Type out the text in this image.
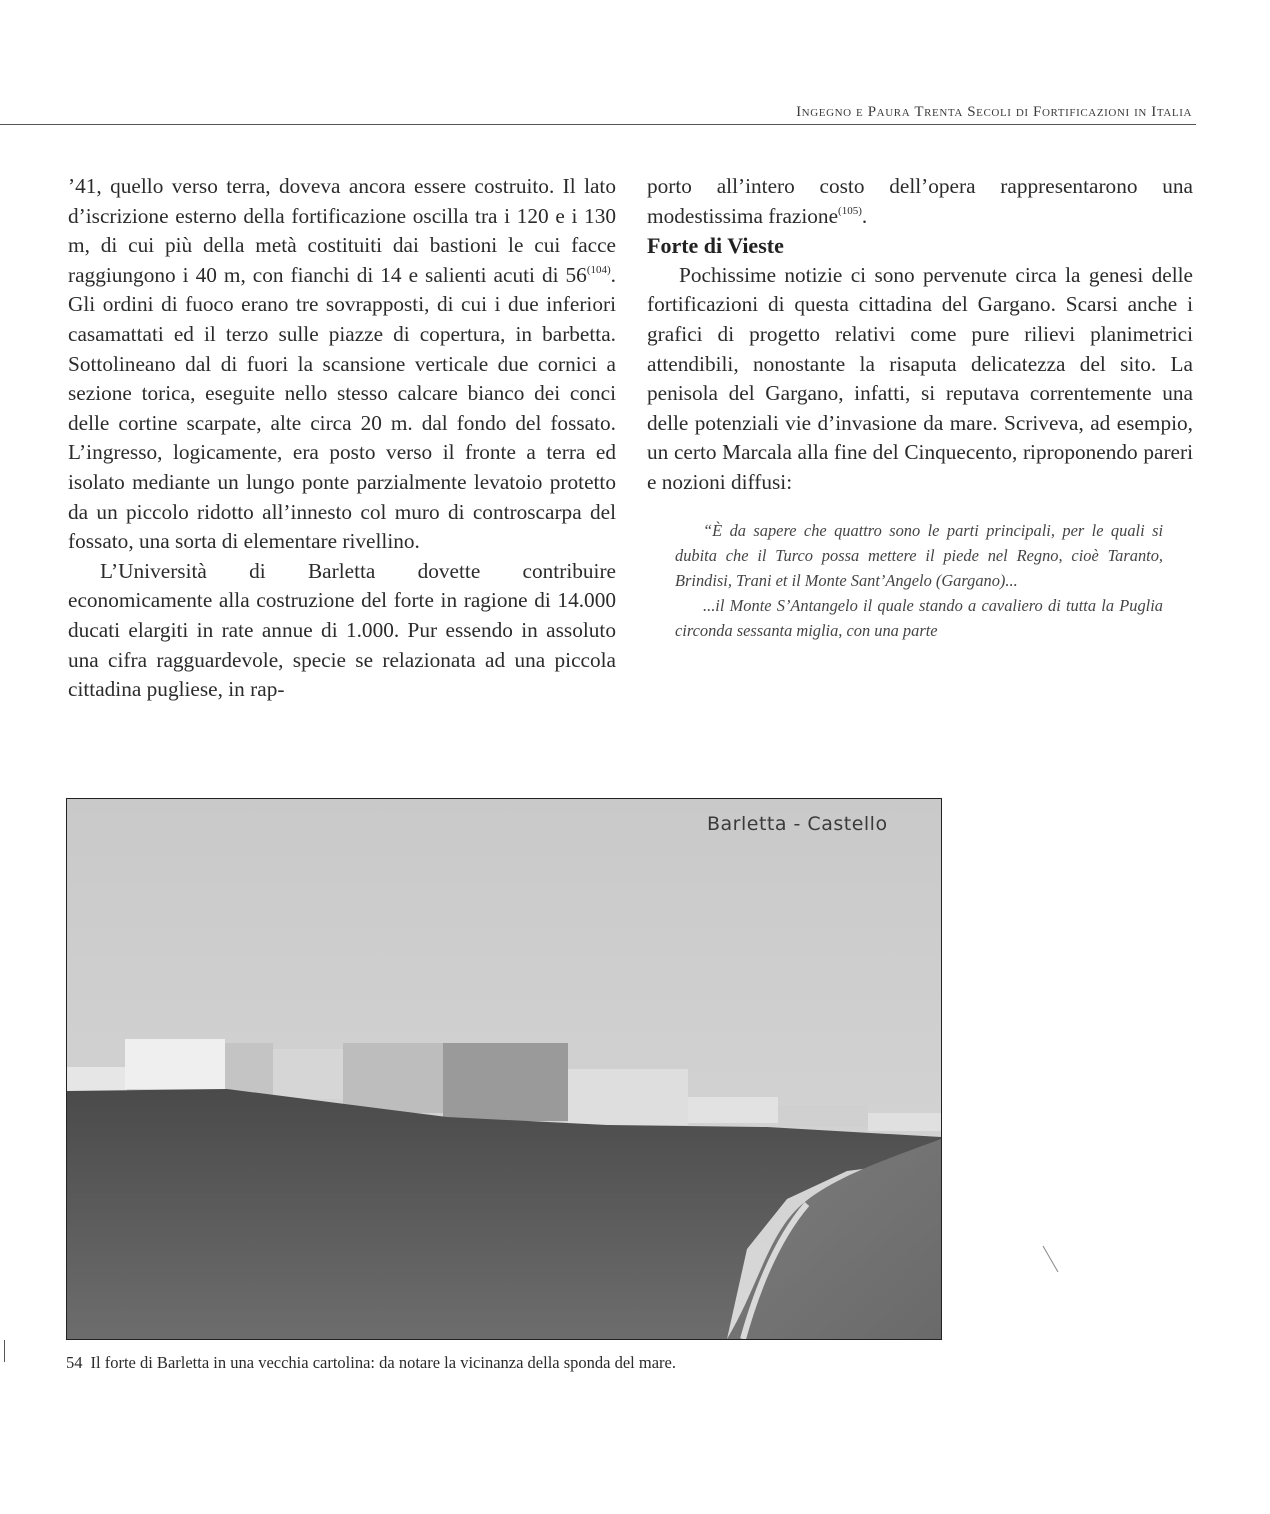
Ingegno e Paura Trenta Secoli di Fortificazioni in Italia

’41, quello verso terra, doveva ancora essere costruito. Il lato d’iscrizione esterno della fortificazione oscilla tra i 120 e i 130 m, di cui più della metà costituiti dai bastioni le cui facce raggiungono i 40 m, con fianchi di 14 e salienti acuti di 56$^{(104)}$. Gli ordini di fuoco erano tre sovrapposti, di cui i due inferiori casamattati ed il terzo sulle piazze di copertura, in barbetta. Sottolineano dal di fuori la scansione verticale due cornici a sezione torica, eseguite nello stesso calcare bianco dei conci delle cortine scarpate, alte circa 20 m. dal fondo del fossato. L’ingresso, logicamente, era posto verso il fronte a terra ed isolato mediante un lungo ponte parzialmente levatoio protetto da un piccolo ridotto all’innesto col muro di controscarpa del fossato, una sorta di elementare rivellino.

L’Università di Barletta dovette contribuire economicamente alla costruzione del forte in ragione di 14.000 ducati elargiti in rate annue di 1.000. Pur essendo in assoluto una cifra ragguardevole, specie se relazionata ad una piccola cittadina pugliese, in rap-

porto all’intero costo dell’opera rappresentarono una modestissima frazione$^{(105)}$.

Forte di Vieste

Pochissime notizie ci sono pervenute circa la genesi delle fortificazioni di questa cittadina del Gargano. Scarsi anche i grafici di progetto relativi come pure rilievi planimetrici attendibili, nonostante la risaputa delicatezza del sito. La penisola del Gargano, infatti, si reputava correntemente una delle potenziali vie d’invasione da mare. Scriveva, ad esempio, un certo Marcala alla fine del Cinquecento, riproponendo pareri e nozioni diffusi:

“È da sapere che quattro sono le parti principali, per le quali si dubita che il Turco possa mettere il piede nel Regno, cioè Taranto, Brindisi, Trani et il Monte Sant’Angelo (Gargano)...

...il Monte S’Antangelo il quale stando a cavaliero di tutta la Puglia circonda sessanta miglia, con una parte

Barletta - Castello
54 Il forte di Barletta in una vecchia cartolina: da notare la vicinanza della sponda del mare.
